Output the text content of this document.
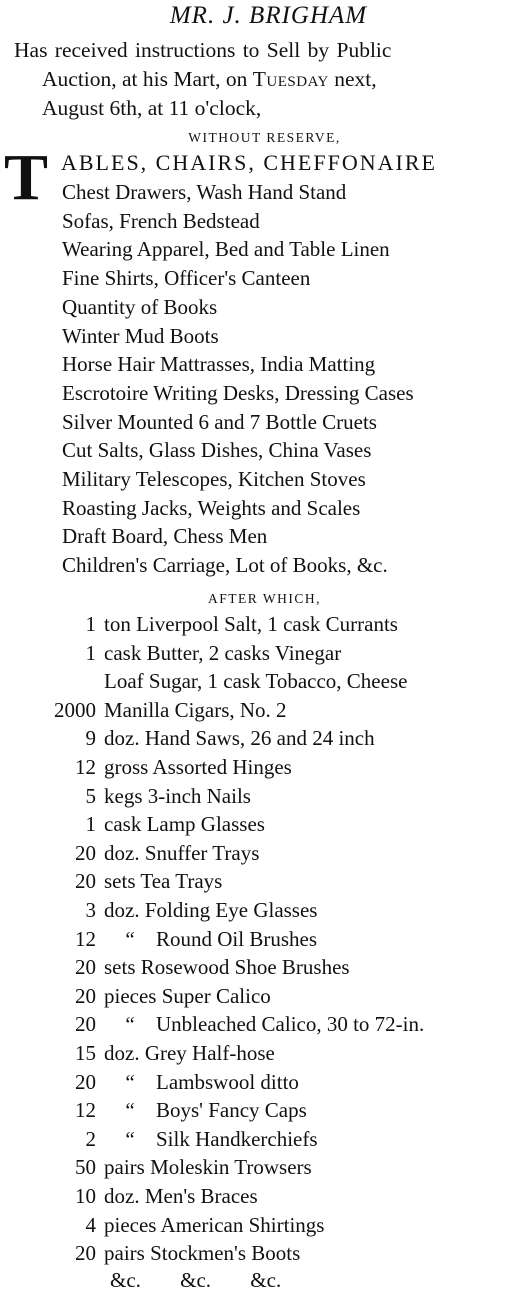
MR. J. BRIGHAM
Has received instructions to Sell by Public
Auction, at his Mart, on Tuesday next,
August 6th, at 11 o'clock,
WITHOUT RESERVE,
T ABLES, CHAIRS, CHEFFONAIRE
Chest Drawers, Wash Hand Stand
Sofas, French Bedstead
Wearing Apparel, Bed and Table Linen
Fine Shirts, Officer's Canteen
Quantity of Books
Winter Mud Boots
Horse Hair Mattrasses, India Matting
Escrotoire Writing Desks, Dressing Cases
Silver Mounted 6 and 7 Bottle Cruets
Cut Salts, Glass Dishes, China Vases
Military Telescopes, Kitchen Stoves
Roasting Jacks, Weights and Scales
Draft Board, Chess Men
Children's Carriage, Lot of Books, &c.
AFTER WHICH,
1 ton Liverpool Salt, 1 cask Currants
1 cask Butter, 2 casks Vinegar
Loaf Sugar, 1 cask Tobacco, Cheese
2000 Manilla Cigars, No. 2
9 doz. Hand Saws, 26 and 24 inch
12 gross Assorted Hinges
5 kegs 3-inch Nails
1 cask Lamp Glasses
20 doz. Snuffer Trays
20 sets Tea Trays
3 doz. Folding Eye Glasses
12	“ Round Oil Brushes
20 sets Rosewood Shoe Brushes
20 pieces Super Calico
20	“ Unbleached Calico, 30 to 72-in.
15 doz. Grey Half-hose
20	“ Lambswool ditto
12	“ Boys' Fancy Caps
2	“ Silk Handkerchiefs
50 pairs Moleskin Trowsers
10 doz. Men's Braces
4 pieces American Shirtings
20 pairs Stockmen's Boots
&c. &c. &c.
